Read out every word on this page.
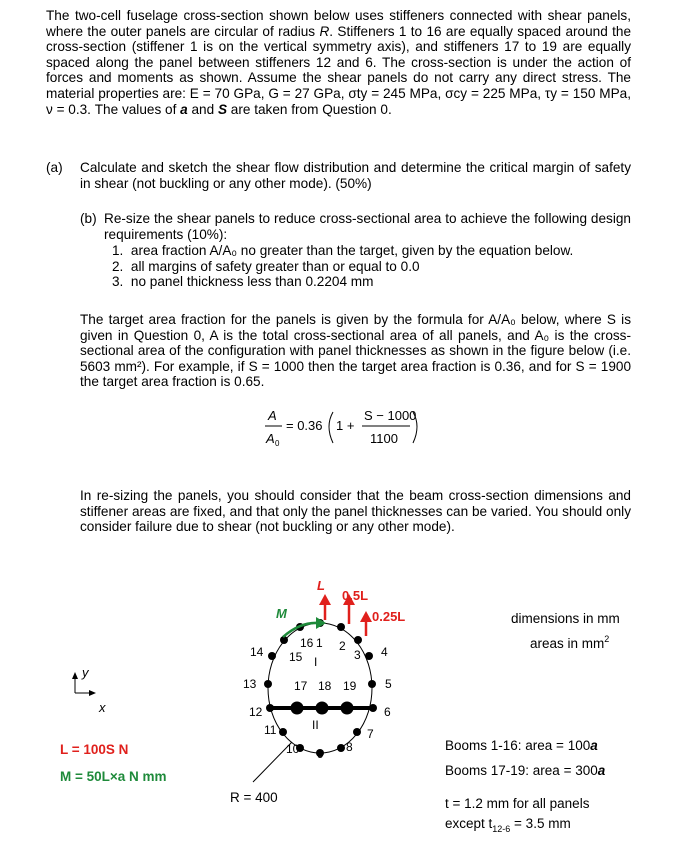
The two-cell fuselage cross-section shown below uses stiffeners connected with shear panels, where the outer panels are circular of radius R. Stiffeners 1 to 16 are equally spaced around the cross-section (stiffener 1 is on the vertical symmetry axis), and stiffeners 17 to 19 are equally spaced along the panel between stiffeners 12 and 6. The cross-section is under the action of forces and moments as shown. Assume the shear panels do not carry any direct stress. The material properties are: E = 70 GPa, G = 27 GPa, σty = 245 MPa, σcy = 225 MPa, τy = 150 MPa, ν = 0.3. The values of a and S are taken from Question 0.
(a) Calculate and sketch the shear flow distribution and determine the critical margin of safety in shear (not buckling or any other mode). (50%)
(b) Re-size the shear panels to reduce cross-sectional area to achieve the following design requirements (10%):
1.  area fraction A/A₀ no greater than the target, given by the equation below.
2.  all margins of safety greater than or equal to 0.0
3.  no panel thickness less than 0.2204 mm
The target area fraction for the panels is given by the formula for A/A₀ below, where S is given in Question 0, A is the total cross-sectional area of all panels, and A₀ is the cross-sectional area of the configuration with panel thicknesses as shown in the figure below (i.e. 5603 mm²). For example, if S = 1000 then the target area fraction is 0.36, and for S = 1900 the target area fraction is 0.65.
A
A 0
= 0.36 1 +
S − 1000
1100
In re-sizing the panels, you should consider that the beam cross-section dimensions and stiffener areas are fixed, and that only the panel thicknesses can be varied. You should only consider failure due to shear (not buckling or any other mode).
1 2
3 4
5
6
7
8
9
10
11
12
13
14 15
16
17 18 19
I
II
L
0.5L
0.25L
M
y
x
L = 100S N
M = 50L×a N mm
R = 400
dimensions in mm
areas in $mm^2$
Booms 1-16: area = 100a
Booms 17-19: area = 300a
t = 1.2 mm for all panels
except $t_{12-6} = 3.5$ mm
